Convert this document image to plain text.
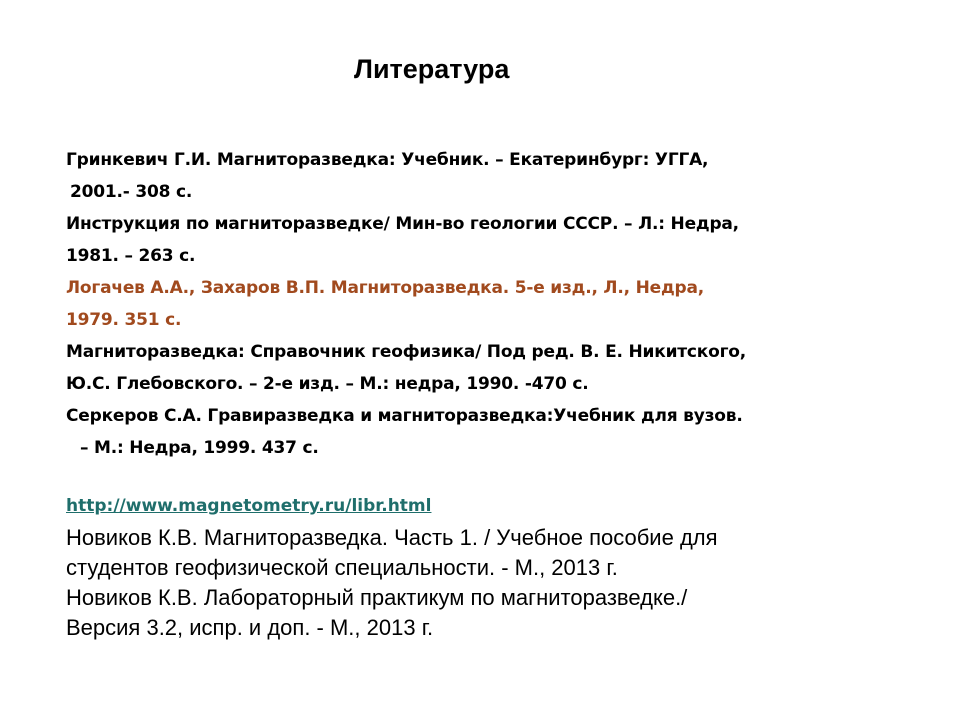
Литература
Гринкевич Г.И. Магниторазведка: Учебник. – Екатеринбург: УГГА,
2001.- 308 с.
Инструкция по магниторазведке/ Мин-во геологии СССР. – Л.: Недра,
1981. – 263 с.
Логачев А.А., Захаров В.П. Магниторазведка. 5-е изд., Л., Недра,
1979. 351 с.
Магниторазведка: Справочник геофизика/ Под ред. В. Е. Никитского,
Ю.С. Глебовского. – 2-е изд. – М.: недра, 1990. -470 с.
Серкеров С.А. Гравиразведка и магниторазведка:Учебник для вузов.
– М.: Недра, 1999. 437 с.
http://www.magnetometry.ru/libr.html
Новиков К.В. Магниторазведка. Часть 1. / Учебное пособие для
студентов геофизической специальности. - М., 2013 г.
Новиков К.В. Лабораторный практикум по магниторазведке./
Версия 3.2, испр. и доп. - М., 2013 г.
